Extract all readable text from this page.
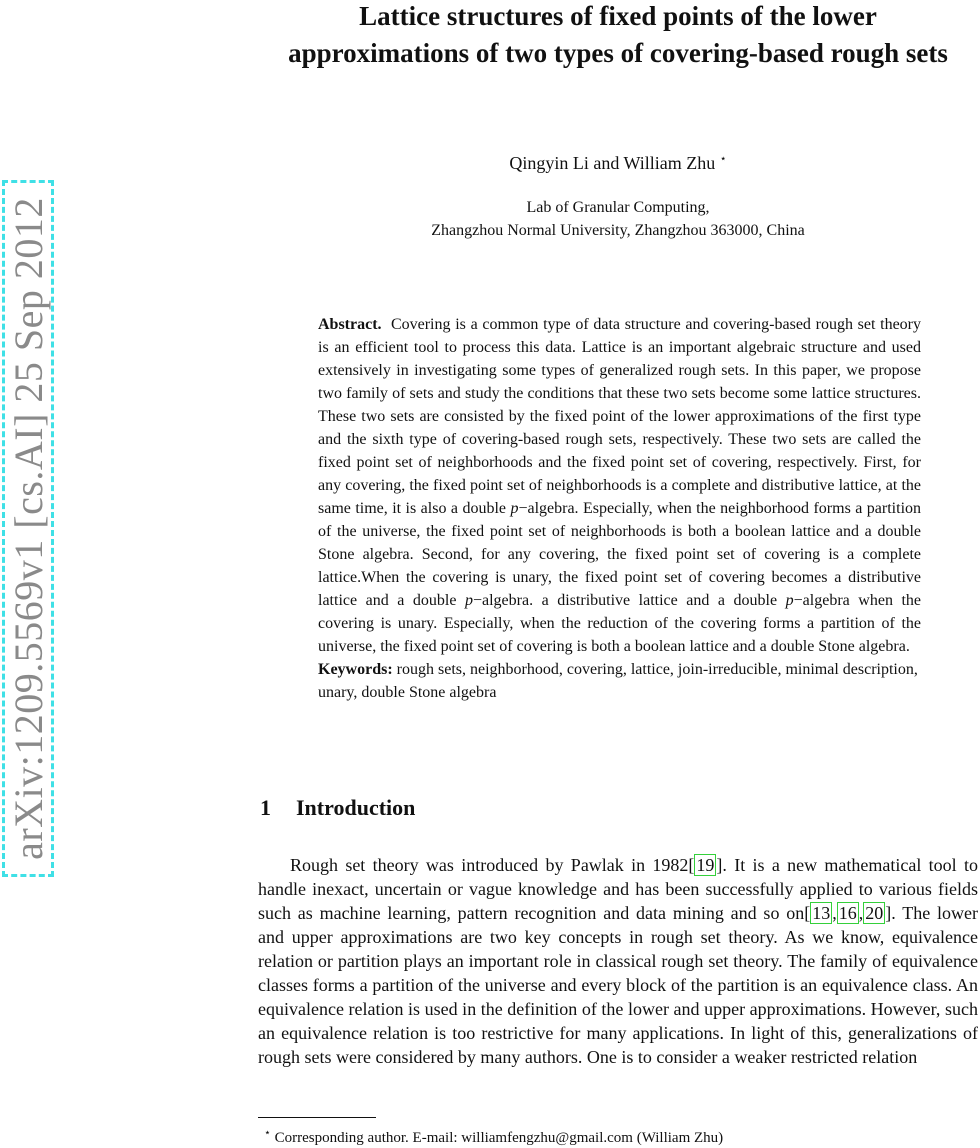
arXiv:1209.5569v1 [cs.AI] 25 Sep 2012
Lattice structures of fixed points of the lower approximations of two types of covering-based rough sets
Qingyin Li and William Zhu ⋆
Lab of Granular Computing,
Zhangzhou Normal University, Zhangzhou 363000, China

Abstract. Covering is a common type of data structure and covering-based rough set theory is an efficient tool to process this data. Lattice is an important algebraic structure and used extensively in investigating some types of generalized rough sets. In this paper, we propose two family of sets and study the conditions that these two sets become some lattice structures. These two sets are consisted by the fixed point of the lower approximations of the first type and the sixth type of covering-based rough sets, respectively. These two sets are called the fixed point set of neighborhoods and the fixed point set of covering, respectively. First, for any covering, the fixed point set of neighborhoods is a complete and distributive lattice, at the same time, it is also a double p−algebra. Especially, when the neighborhood forms a partition of the universe, the fixed point set of neighborhoods is both a boolean lattice and a double Stone algebra. Second, for any covering, the fixed point set of covering is a complete lattice.When the covering is unary, the fixed point set of covering becomes a distributive lattice and a double p−algebra. a distributive lattice and a double p−algebra when the covering is unary. Especially, when the reduction of the covering forms a partition of the universe, the fixed point set of covering is both a boolean lattice and a double Stone algebra.

Keywords: rough sets, neighborhood, covering, lattice, join-irreducible, minimal description, unary, double Stone algebra

1 Introduction

Rough set theory was introduced by Pawlak in 1982[ 19 ]. It is a new mathematical tool to handle inexact, uncertain or vague knowledge and has been successfully applied to various fields such as machine learning, pattern recognition and data mining and so on[ 13 , 16 , 20 ]. The lower and upper approximations are two key concepts in rough set theory. As we know, equivalence relation or partition plays an important role in classical rough set theory. The family of equivalence classes forms a partition of the universe and every block of the partition is an equivalence class. An equivalence relation is used in the definition of the lower and upper approximations. However, such an equivalence relation is too restrictive for many applications. In light of this, generalizations of rough sets were considered by many authors. One is to consider a weaker restricted relation

⋆ Corresponding author. E-mail: williamfengzhu@gmail.com (William Zhu)
